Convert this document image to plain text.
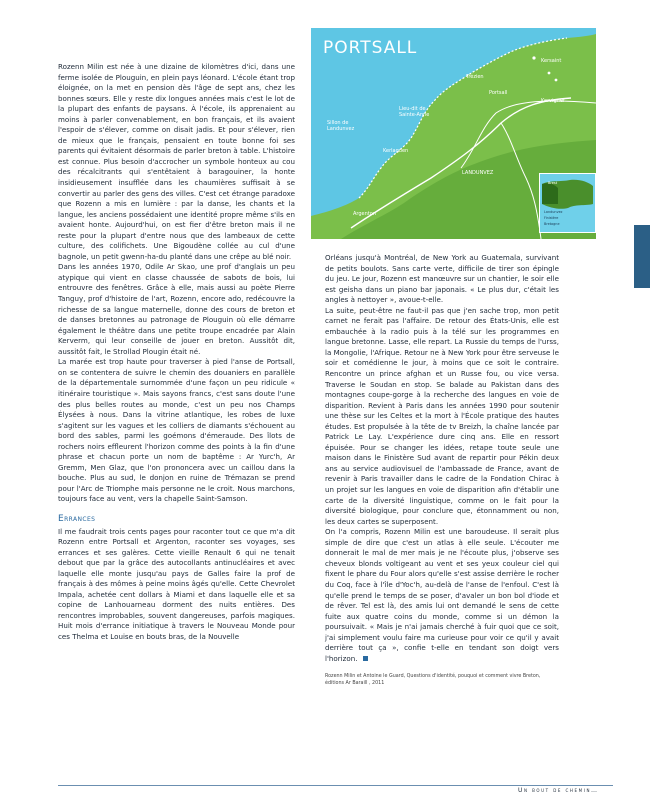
PORTSALL
Trézien
Lieu-dit de
Sainte-Anne
Sillon de
Landunvez
Kerlaguen
LANDUNVEZ
Argenton
Kersaint
Kervigner
Portsall
Brest
Landunvez
Finistère
Bretagne

Rozenn Milin est née à une dizaine de kilomètres d'ici, dans une ferme isolée de Plouguin, en plein pays léonard. L'école étant trop éloignée, on la met en pension dès l'âge de sept ans, chez les bonnes sœurs. Elle y reste dix longues années mais c'est le lot de la plupart des enfants de paysans. À l'école, ils apprenaient au moins à parler convenablement, en bon français, et ils avaient l'espoir de s'élever, comme on disait jadis. Et pour s'élever, rien de mieux que le français, pensaient en toute bonne foi ses parents qui évitaient désormais de parler breton à table. L'histoire est connue. Plus besoin d'accrocher un symbole honteux au cou des récalcitrants qui s'entêtaient à baragouiner, la honte insidieusement insufflée dans les chaumières suffisait à se convertir au parler des gens des villes. C'est cet étrange paradoxe que Rozenn a mis en lumière : par la danse, les chants et la langue, les anciens possédaient une identité propre même s'ils en avaient honte. Aujourd'hui, on est fier d'être breton mais il ne reste pour la plupart d'entre nous que des lambeaux de cette culture, des colifichets. Une Bigoudène collée au cul d'une bagnole, un petit gwenn-ha-du planté dans une crêpe au blé noir.

Dans les années 1970, Odile Ar Skao, une prof d'anglais un peu atypique qui vient en classe chaussée de sabots de bois, lui entrouvre des fenêtres. Grâce à elle, mais aussi au poète Pierre Tanguy, prof d'histoire de l'art, Rozenn, encore ado, redécouvre la richesse de sa langue maternelle, donne des cours de breton et de danses bretonnes au patronage de Plouguin où elle démarre également le théâtre dans une petite troupe encadrée par Alain Kerverm, qui leur conseille de jouer en breton. Aussitôt dit, aussitôt fait, le Strollad Plougin était né.

La marée est trop haute pour traverser à pied l'anse de Portsall, on se contentera de suivre le chemin des douaniers en parallèle de la départementale surnommée d'une façon un peu ridicule « itinéraire touristique ». Mais sayons francs, c'est sans doute l'une des plus belles routes au monde, c'est un peu nos Champs Élysées à nous. Dans la vitrine atlantique, les robes de luxe s'agitent sur les vagues et les colliers de diamants s'échouent au bord des sables, parmi les goémons d'émeraude. Des îlots de rochers noirs effleurent l'horizon comme des points à la fin d'une phrase et chacun porte un nom de baptême : Ar Yurc'h, Ar Gremm, Men Glaz, que l'on prononcera avec un caillou dans la bouche. Plus au sud, le donjon en ruine de Trémazan se prend pour l'Arc de Triomphe mais personne ne le croit. Nous marchons, toujours face au vent, vers la chapelle Saint-Samson.

Errances

Il me faudrait trois cents pages pour raconter tout ce que m'a dit Rozenn entre Portsall et Argenton, raconter ses voyages, ses errances et ses galères. Cette vieille Renault 6 qui ne tenait debout que par la grâce des autocollants antinucléaires et avec laquelle elle monte jusqu'au pays de Galles faire la prof de français à des mômes à peine moins âgés qu'elle. Cette Chevrolet Impala, achetée cent dollars à Miami et dans laquelle elle et sa copine de Lanhouarneau dorment des nuits entières. Des rencontres improbables, souvent dangereuses, parfois magiques. Huit mois d'errance initiatique à travers le Nouveau Monde pour ces Thelma et Louise en bouts bras, de la Nouvelle

Orléans jusqu'à Montréal, de New York au Guatemala, survivant de petits boulots. Sans carte verte, difficile de tirer son épingle du jeu. Le jour, Rozenn est manœuvre sur un chantier, le soir elle est geisha dans un piano bar japonais. « Le plus dur, c'était les angles à nettoyer », avoue-t-elle.

La suite, peut-être ne faut-il pas que j'en sache trop, mon petit carnet ne ferait pas l'affaire. De retour des États-Unis, elle est embauchée à la radio puis à la télé sur les programmes en langue bretonne. Lasse, elle repart. La Russie du temps de l'urss, la Mongolie, l'Afrique. Retour ne à New York pour être serveuse le soir et comédienne le jour, à moins que ce soit le contraire. Rencontre un prince afghan et un Russe fou, ou vice versa. Traverse le Soudan en stop. Se balade au Pakistan dans des montagnes coupe-gorge à la recherche des langues en voie de disparition. Revient à Paris dans les années 1990 pour soutenir une thèse sur les Celtes et la mort à l'École pratique des hautes études. Est propulsée à la tête de tv Breizh, la chaîne lancée par Patrick Le Lay. L'expérience dure cinq ans. Elle en ressort épuisée. Pour se changer les idées, retape toute seule une maison dans le Finistère Sud avant de repartir pour Pékin deux ans au service audiovisuel de l'ambassade de France, avant de revenir à Paris travailler dans le cadre de la Fondation Chirac à un projet sur les langues en voie de disparition afin d'établir une carte de la diversité linguistique, comme on le fait pour la diversité biologique, pour conclure que, étonnamment ou non, les deux cartes se superposent.

On l'a compris, Rozenn Milin est une baroudeuse. Il serait plus simple de dire que c'est un atlas à elle seule. L'écouter me donnerait le mal de mer mais je ne l'écoute plus, j'observe ses cheveux blonds voltigeant au vent et ses yeux couleur ciel qui fixent le phare du Four alors qu'elle s'est assise derrière le rocher du Coq, face à l'île d'Yoc'h, au-delà de l'anse de l'enfoul. C'est là qu'elle prend le temps de se poser, d'avaler un bon bol d'iode et de rêver. Tel est là, des amis lui ont demandé le sens de cette fuite aux quatre coins du monde, comme si un démon la poursuivait. « Mais je n'ai jamais cherché à fuir quoi que ce soit, j'ai simplement voulu faire ma curieuse pour voir ce qu'il y avait derrière tout ça », confie t-elle en tendant son doigt vers l'horizon.

Rozenn Milin et Antoine le Guard, Questions d'identité, pouquoi et comment vivre Breton, éditions Ar Baraill , 2011

Un bout de chemin…
